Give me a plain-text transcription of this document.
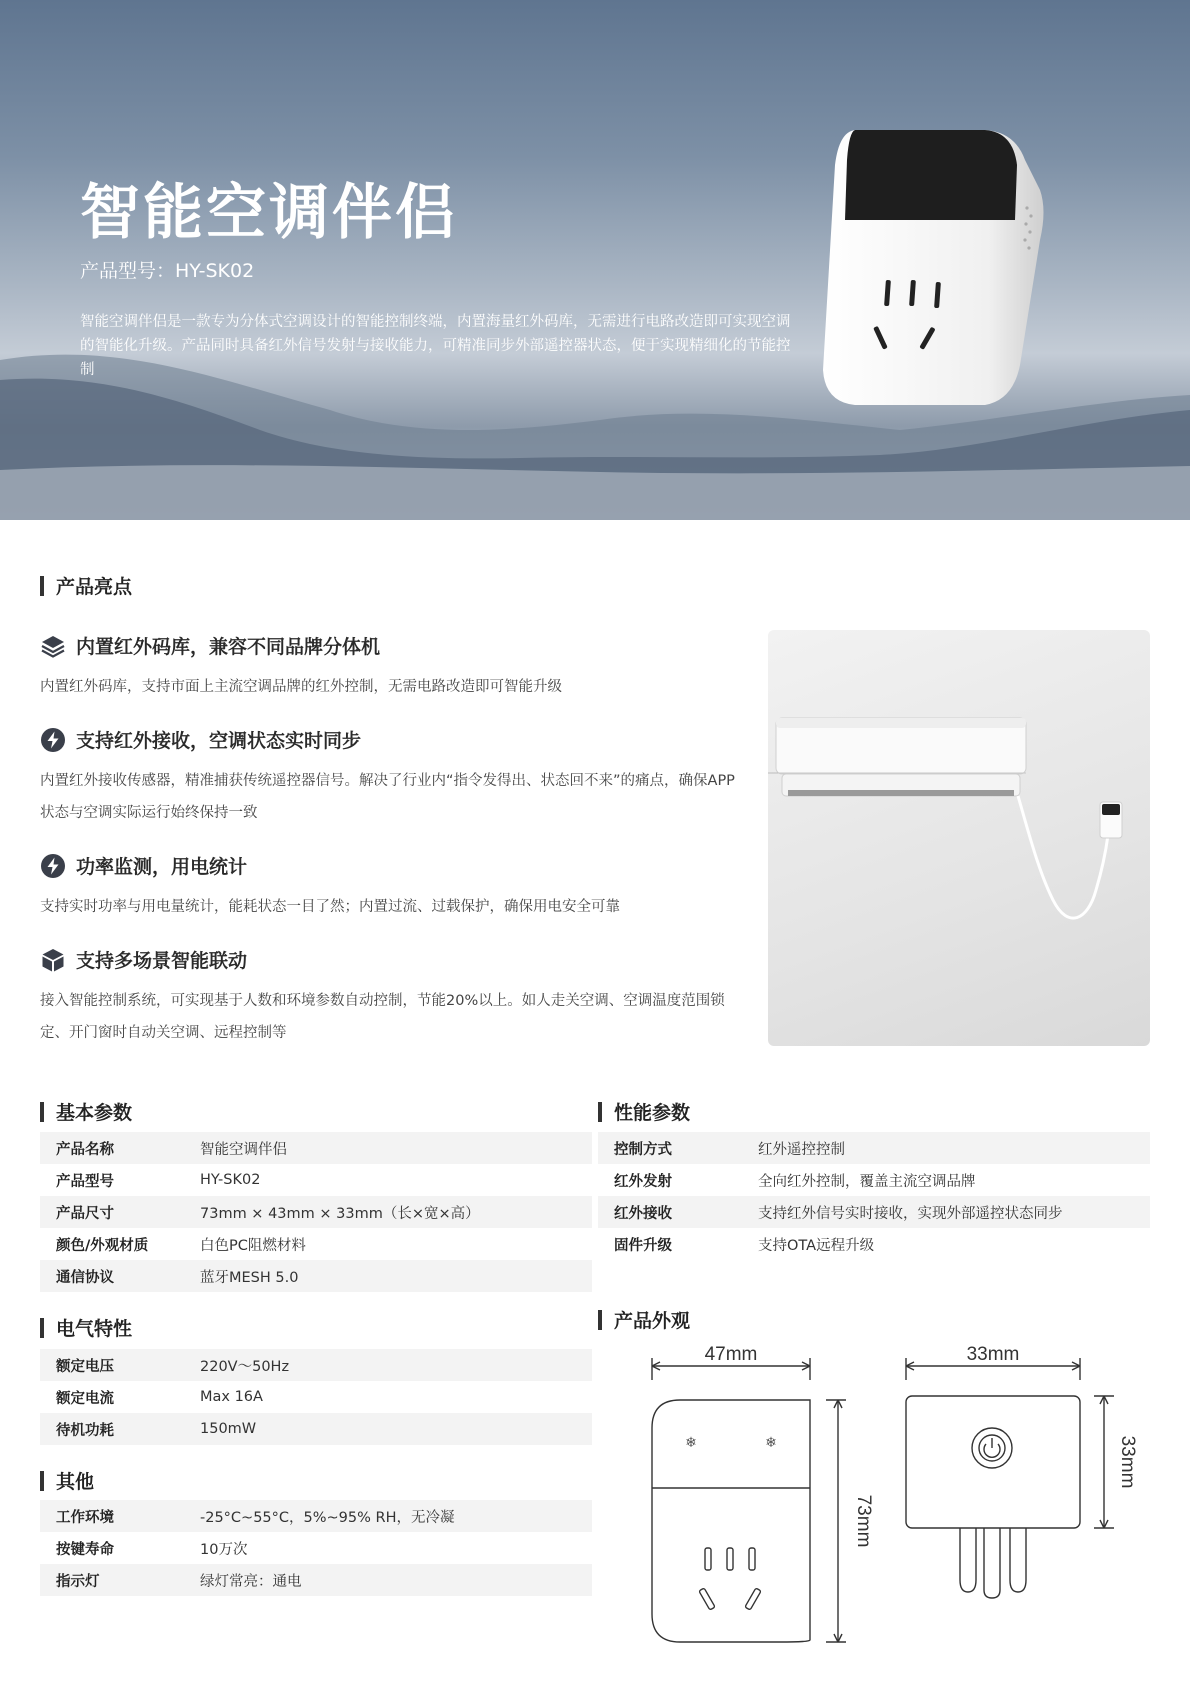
智能空调伴侣
产品型号：HY-SK02
智能空调伴侣是一款专为分体式空调设计的智能控制终端，内置海量红外码库，无需进行电路改造即可实现空调的智能化升级。产品同时具备红外信号发射与接收能力，可精准同步外部遥控器状态，便于实现精细化的节能控制
产品亮点
内置红外码库，兼容不同品牌分体机
内置红外码库，支持市面上主流空调品牌的红外控制，无需电路改造即可智能升级
支持红外接收，空调状态实时同步
内置红外接收传感器，精准捕获传统遥控器信号。解决了行业内“指令发得出、状态回不来”的痛点，确保APP状态与空调实际运行始终保持一致
功率监测，用电统计
支持实时功率与用电量统计，能耗状态一目了然；内置过流、过载保护，确保用电安全可靠
支持多场景智能联动
接入智能控制系统，可实现基于人数和环境参数自动控制，节能20%以上。如人走关空调、空调温度范围锁定、开门窗时自动关空调、远程控制等
基本参数
产品名称	智能空调伴侣
产品型号	HY-SK02
产品尺寸	73mm × 43mm × 33mm（长×宽×高）
颜色/外观材质	白色PC阻燃材料
通信协议	蓝牙MESH 5.0
电气特性
额定电压	220V～50Hz
额定电流	Max 16A
待机功耗	150mW
其他
工作环境	-25°C~55°C，5%~95% RH，无冷凝
按键寿命	10万次
指示灯	绿灯常亮：通电
性能参数
控制方式	红外遥控控制
红外发射	全向红外控制，覆盖主流空调品牌
红外接收	支持红外信号实时接收，实现外部遥控状态同步
固件升级	支持OTA远程升级
产品外观
❄	❄
47mm	33mm
73mm
33mm
